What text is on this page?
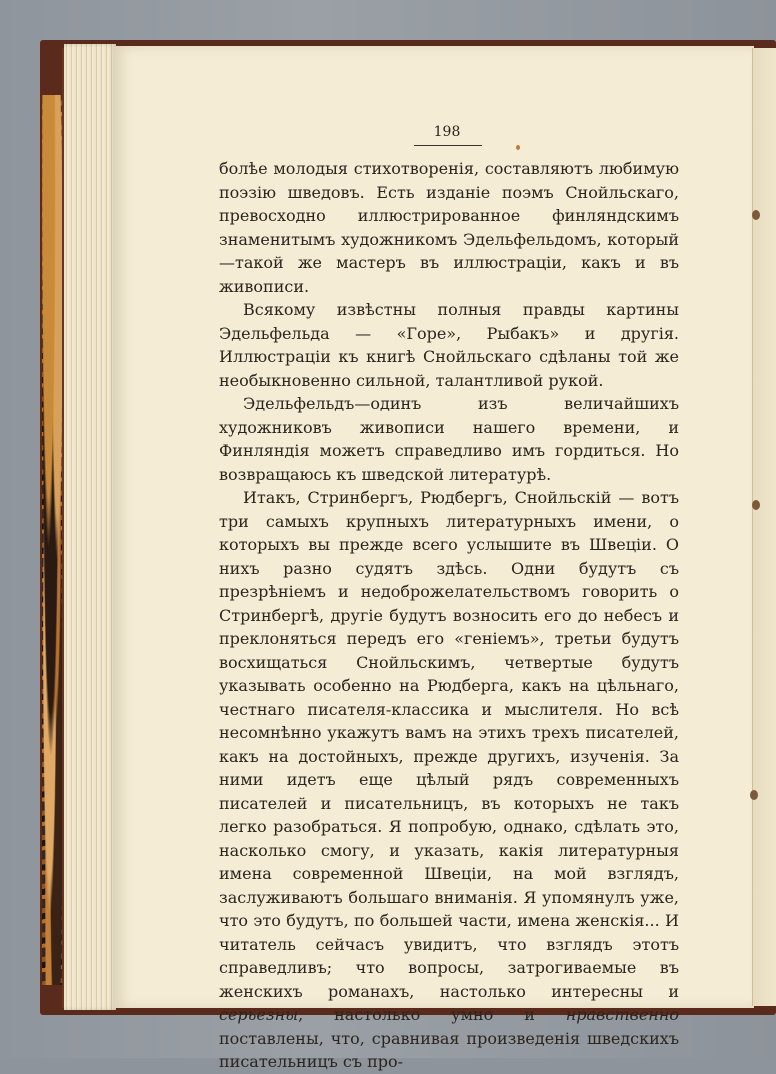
198

болѣе молодыя стихотворенія, составляютъ любимую поэзію шведовъ. Есть изданіе поэмъ Снойльскаго, превосходно иллюстрированное финляндскимъ знаменитымъ художникомъ Эдельфельдомъ, который—такой же мастеръ въ иллюстраціи, какъ и въ живописи.

Всякому извѣстны полныя правды картины Эдельфельда — «Горе», Рыбакъ» и другія. Иллюстраціи къ книгѣ Снойльскаго сдѣланы той же необыкновенно сильной, талантливой рукой.

Эдельфельдъ—одинъ изъ величайшихъ художниковъ живописи нашего времени, и Финляндія можетъ справедливо имъ гордиться. Но возвращаюсь къ шведской литературѣ.

Итакъ, Стринбергъ, Рюдбергъ, Снойльскій — вотъ три самыхъ крупныхъ литературныхъ имени, о которыхъ вы прежде всего услышите въ Швеціи. О нихъ разно судятъ здѣсь. Одни будутъ съ презрѣніемъ и недоброжелательствомъ говорить о Стринбергѣ, другіе будутъ возносить его до небесъ и преклоняться передъ его «геніемъ», третьи будутъ восхищаться Снойльскимъ, четвертые будутъ указывать особенно на Рюдберга, какъ на цѣльнаго, честнаго писателя-классика и мыслителя. Но всѣ несомнѣнно укажутъ вамъ на этихъ трехъ писателей, какъ на достойныхъ, прежде другихъ, изученія. За ними идетъ еще цѣлый рядъ современныхъ писателей и писательницъ, въ которыхъ не такъ легко разобраться. Я попробую, однако, сдѣлать это, насколько смогу, и указать, какія литературныя имена современной Швеціи, на мой взглядъ, заслуживаютъ большаго вниманія. Я упомянулъ уже, что это будутъ, по большей части, имена женскія... И читатель сейчасъ увидитъ, что взглядъ этотъ справедливъ; что вопросы, затрогиваемые въ женскихъ романахъ, настолько интересны и серьезны, настолько умно и нравственно поставлены, что, сравнивая произведенія шведскихъ писательницъ съ про-
